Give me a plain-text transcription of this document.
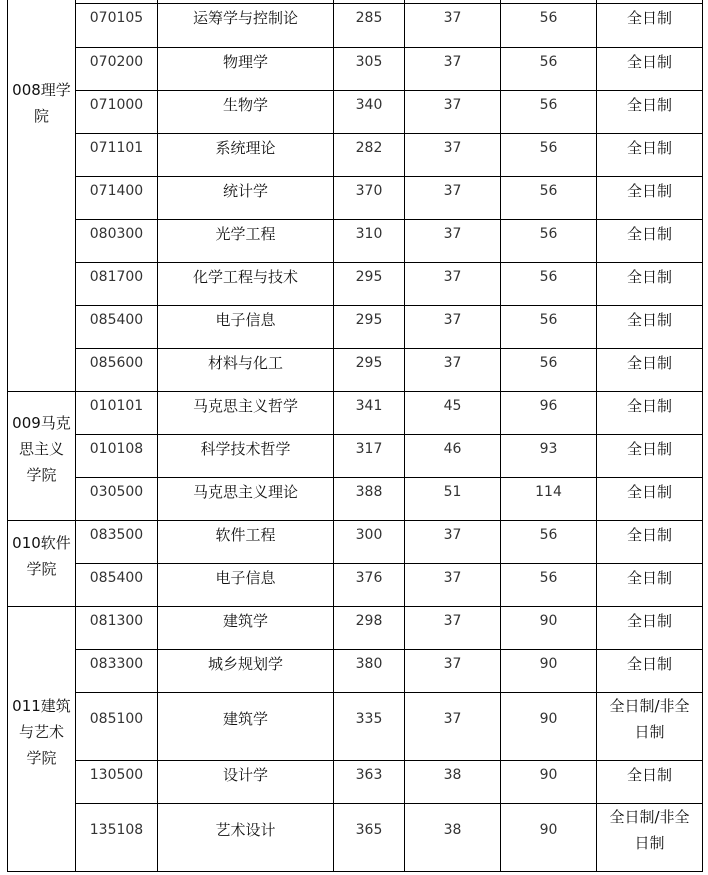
008理学
院						

	070105	运筹学与控制论	285	37	56	全日制

	070200	物理学	305	37	56	全日制

	071000	生物学	340	37	56	全日制

	071101	系统理论	282	37	56	全日制

	071400	统计学	370	37	56	全日制

	080300	光学工程	310	37	56	全日制

	081700	化学工程与技术	295	37	56	全日制

	085400	电子信息	295	37	56	全日制

	085600	材料与化工	295	37	56	全日制

009马克
思主义
学院	010101	马克思主义哲学	341	45	96	全日制

	010108	科学技术哲学	317	46	93	全日制

	030500	马克思主义理论	388	51	114	全日制

010软件
学院	083500	软件工程	300	37	56	全日制

	085400	电子信息	376	37	56	全日制

011建筑
与艺术
学院	081300	建筑学	298	37	90	全日制

	083300	城乡规划学	380	37	90	全日制

	085100	建筑学	335	37	90	全日制/非全
日制

	130500	设计学	363	38	90	全日制

	135108	艺术设计	365	38	90	全日制/非全
日制
